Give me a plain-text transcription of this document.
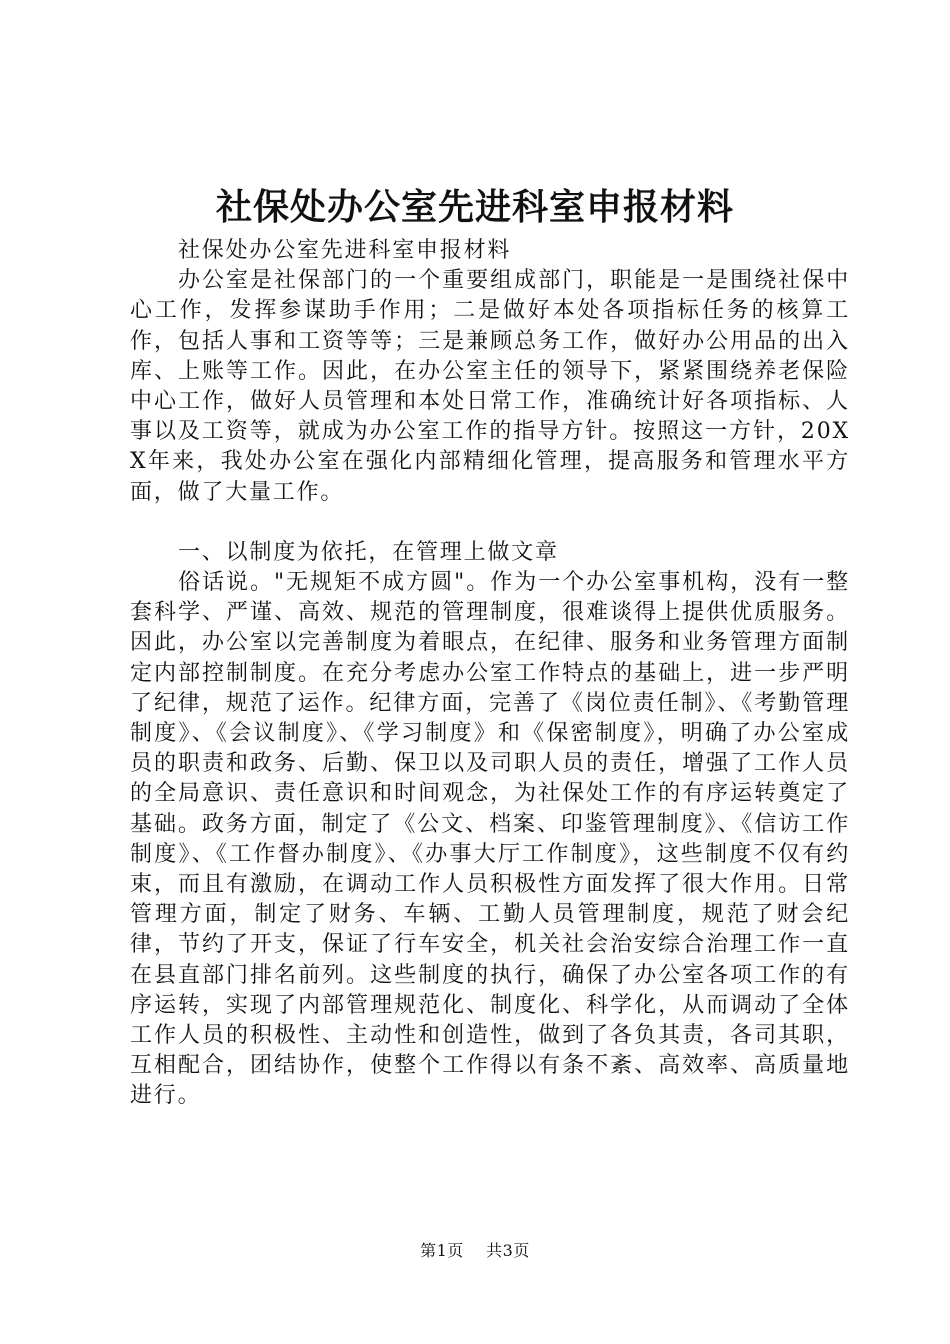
社保处办公室先进科室申报材料

社保处办公室先进科室申报材料

办公室是社保部门的一个重要组成部门，职能是一是围绕社保中心工作，发挥参谋助手作用；二是做好本处各项指标任务的核算工作，包括人事和工资等等；三是兼顾总务工作，做好办公用品的出入库、上账等工作。因此，在办公室主任的领导下，紧紧围绕养老保险中心工作，做好人员管理和本处日常工作，准确统计好各项指标、人事以及工资等，就成为办公室工作的指导方针。按照这一方针，20XX年来，我处办公室在强化内部精细化管理，提高服务和管理水平方面，做了大量工作。

一、以制度为依托，在管理上做文章

俗话说。"无规矩不成方圆"。作为一个办公室事机构，没有一整套科学、严谨、高效、规范的管理制度，很难谈得上提供优质服务。因此，办公室以完善制度为着眼点，在纪律、服务和业务管理方面制定内部控制制度。在充分考虑办公室工作特点的基础上，进一步严明了纪律，规范了运作。纪律方面，完善了《岗位责任制》、《考勤管理制度》、《会议制度》、《学习制度》和《保密制度》，明确了办公室成员的职责和政务、后勤、保卫以及司职人员的责任，增强了工作人员的全局意识、责任意识和时间观念，为社保处工作的有序运转奠定了基础。政务方面，制定了《公文、档案、印鉴管理制度》、《信访工作制度》、《工作督办制度》、《办事大厅工作制度》，这些制度不仅有约束，而且有激励，在调动工作人员积极性方面发挥了很大作用。日常管理方面，制定了财务、车辆、工勤人员管理制度，规范了财会纪律，节约了开支，保证了行车安全，机关社会治安综合治理工作一直在县直部门排名前列。这些制度的执行，确保了办公室各项工作的有序运转，实现了内部管理规范化、制度化、科学化，从而调动了全体工作人员的积极性、主动性和创造性，做到了各负其责，各司其职，互相配合，团结协作，使整个工作得以有条不紊、高效率、高质量地进行。

第1页 共3页
